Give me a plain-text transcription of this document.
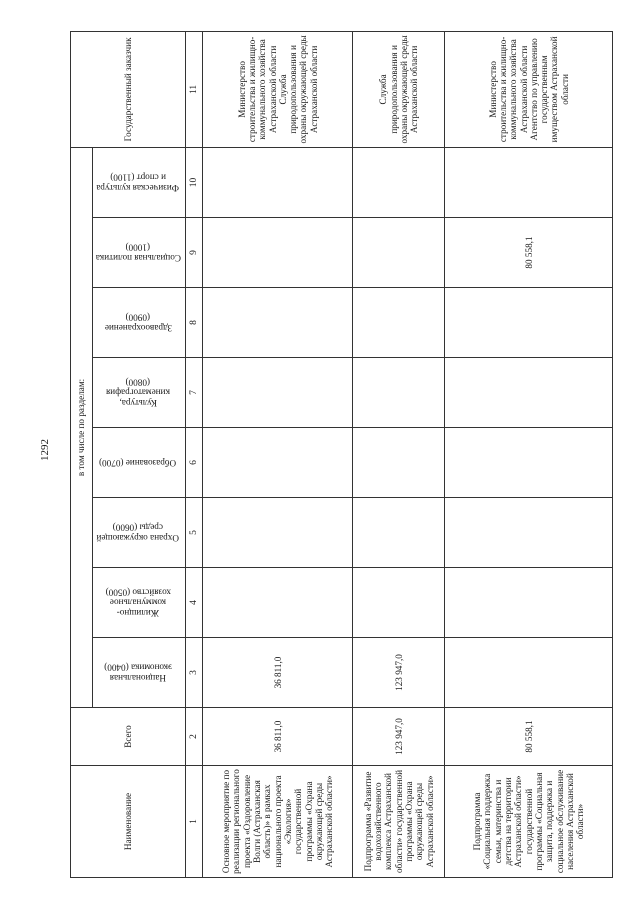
1292
Наименование	Всего	в том числе по разделам:								Государственный заказчик
		Национальная экономика (0400)	Жилищно-коммунальное хозяйство (0500)	Охрана окружающей среды (0600)	Образование (0700)	Культура, кинематография (0800)	Здравоохранение (0900)	Социальная политика (1000)	Физическая культура и спорт (1100)	
1	2	3	4	5	6	7	8	9	10	11
Основное мероприятие по реализации регионального проекта «Оздоровление Волги (Астраханская область)» в рамках национального проекта «Экология» государственной программы «Охрана окружающей среды Астраханской области»	36 811,0	36 811,0								Министерство строительства и жилищно-коммунального хозяйства Астраханской области Служба природопользования и охраны окружающей среды Астраханской области
Подпрограмма «Развитие водохозяйственного комплекса Астраханской области» государственной программы «Охрана окружающей среды Астраханской области»	123 947,0	123 947,0								Служба природопользования и охраны окружающей среды Астраханской области
Подпрограмма «Социальная поддержка семьи, материнства и детства на территории Астраханской области» государственной программы «Социальная защита, поддержка и социальное обслуживание населения Астраханской области»	80 558,1							80 558,1		Министерство строительства и жилищно-коммунального хозяйства Астраханской области Агентство по управлению государственным имуществом Астраханской области
